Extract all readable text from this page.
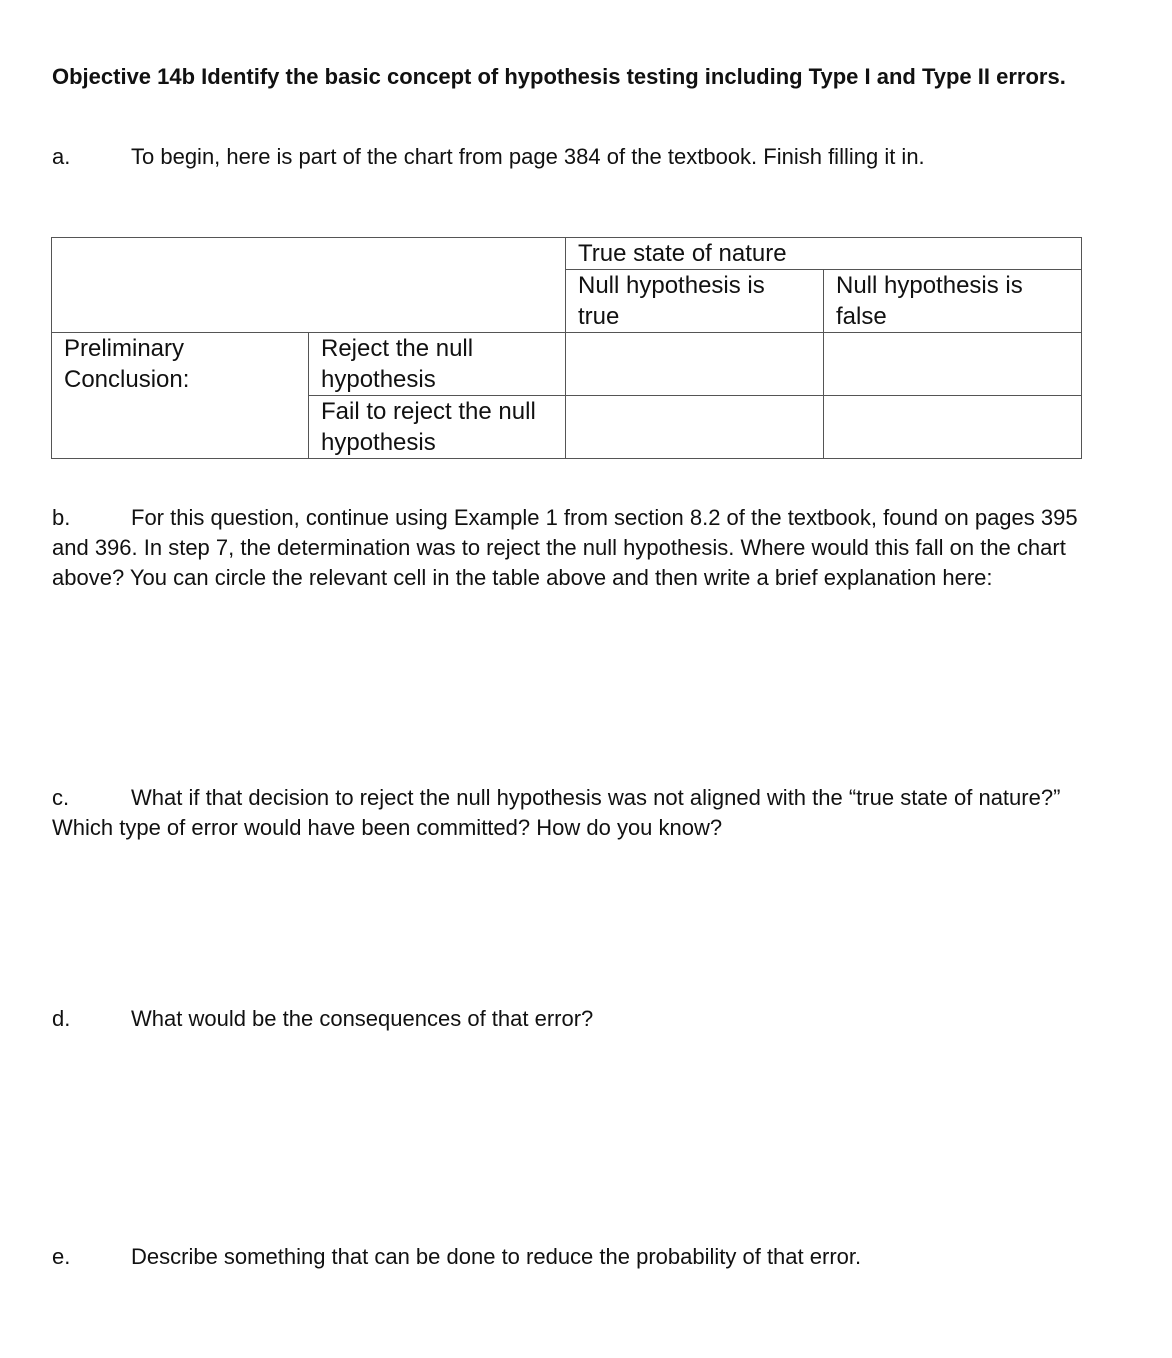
Objective 14b Identify the basic concept of hypothesis testing including Type I and Type II errors.
a.	To begin, here is part of the chart from page 384 of the textbook. Finish filling it in.
		True state of nature	
		Null hypothesis is true	Null hypothesis is false
Preliminary Conclusion:	Reject the null hypothesis		
	Fail to reject the null hypothesis		
b.	For this question, continue using Example 1 from section 8.2 of the textbook, found on pages 395 and 396. In step 7, the determination was to reject the null hypothesis. Where would this fall on the chart above? You can circle the relevant cell in the table above and then write a brief explanation here:
c.	What if that decision to reject the null hypothesis was not aligned with the “true state of nature?” Which type of error would have been committed? How do you know?
d.	What would be the consequences of that error?
e.	Describe something that can be done to reduce the probability of that error.
